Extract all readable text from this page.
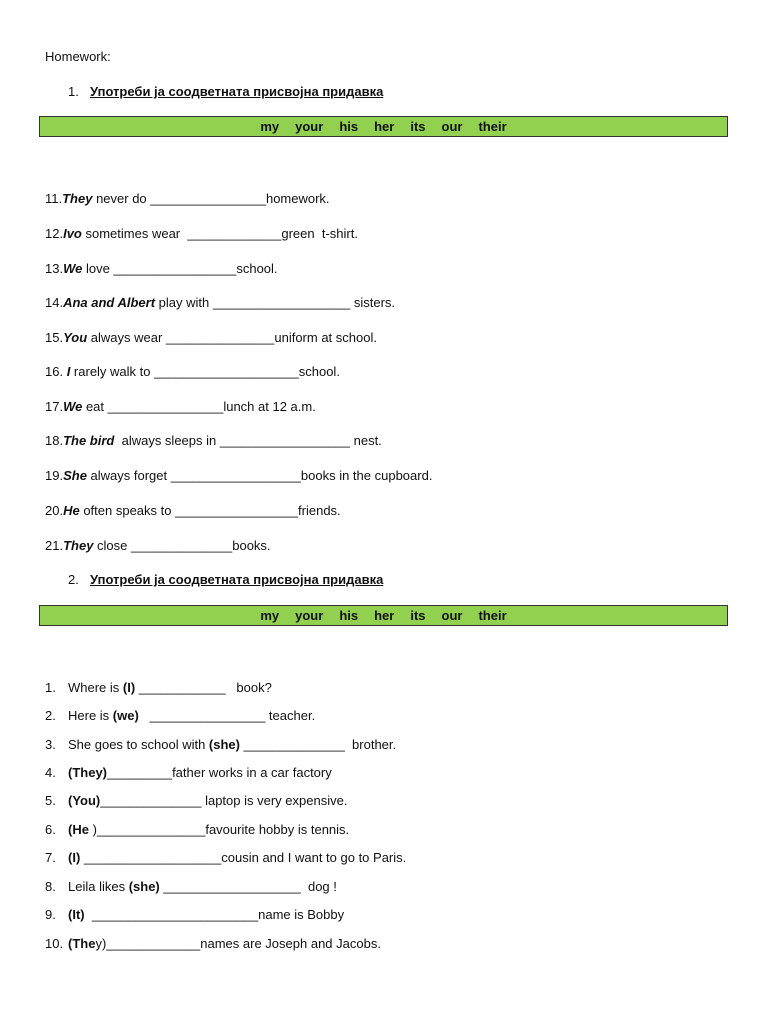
Homework:
1. Употреби ја соодветната присвојна придавка
my your his her its our their
11.They never do ________________homework.
12.Ivo sometimes wear  _____________green  t-shirt.
13.We love _________________school.
14.Ana and Albert play with ___________________ sisters.
15.You always wear _______________uniform at school.
16. I rarely walk to ____________________school.
17.We eat ________________lunch at 12 a.m.
18.The bird  always sleeps in __________________ nest.
19.She always forget __________________books in the cupboard.
20.He often speaks to _________________friends.
21.They close ______________books.
2. Употреби ја соодветната присвојна придавка
my your his her its our their
1. Where is (I) ____________   book?
2. Here is (we)   ________________ teacher.
3. She goes to school with (she) ______________  brother.
4. (They)_________father works in a car factory
5. (You)______________ laptop is very expensive.
6. (He )_______________favourite hobby is tennis.
7. (I) ___________________cousin and I want to go to Paris.
8. Leila likes (she) ___________________  dog !
9. (It)  _______________________name is Bobby
10. (They)_____________names are Joseph and Jacobs.
